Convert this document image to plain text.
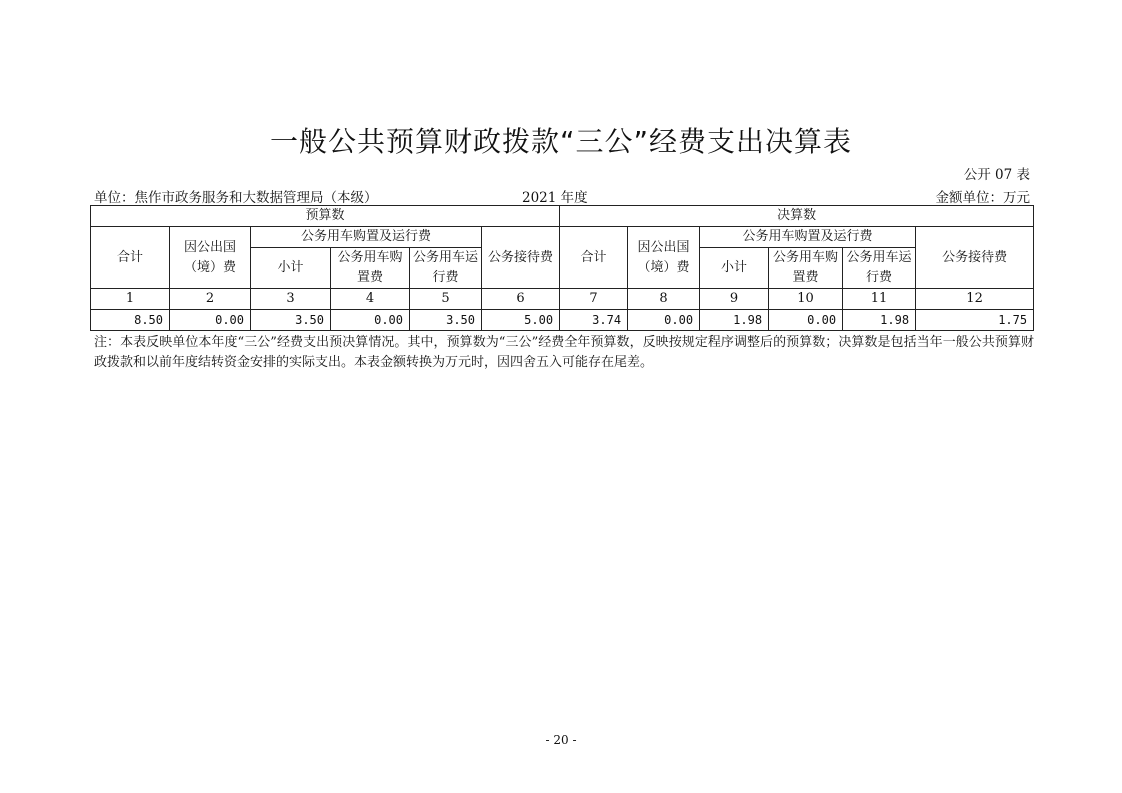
一般公共预算财政拨款“三公”经费支出决算表
公开 07 表
单位：焦作市政务服务和大数据管理局（本级）	2021 年度	金额单位：万元
预算数						决算数					
合计	因公出国（境）费	公务用车购置及运行费			公务接待费	合计	因公出国（境）费	公务用车购置及运行费			公务接待费
		小计	公务用车购置费	公务用车运行费				小计	公务用车购置费	公务用车运行费	
1	2	3	4	5	6	7	8	9	10	11	12
8.50	0.00	3.50	0.00	3.50	5.00	3.74	0.00	1.98	0.00	1.98	1.75
注：本表反映单位本年度“三公”经费支出预决算情况。其中，预算数为“三公”经费全年预算数，反映按规定程序调整后的预算数；决算数是包括当年一般公共预算财政拨款和以前年度结转资金安排的实际支出。本表金额转换为万元时，因四舍五入可能存在尾差。
- 20 -
